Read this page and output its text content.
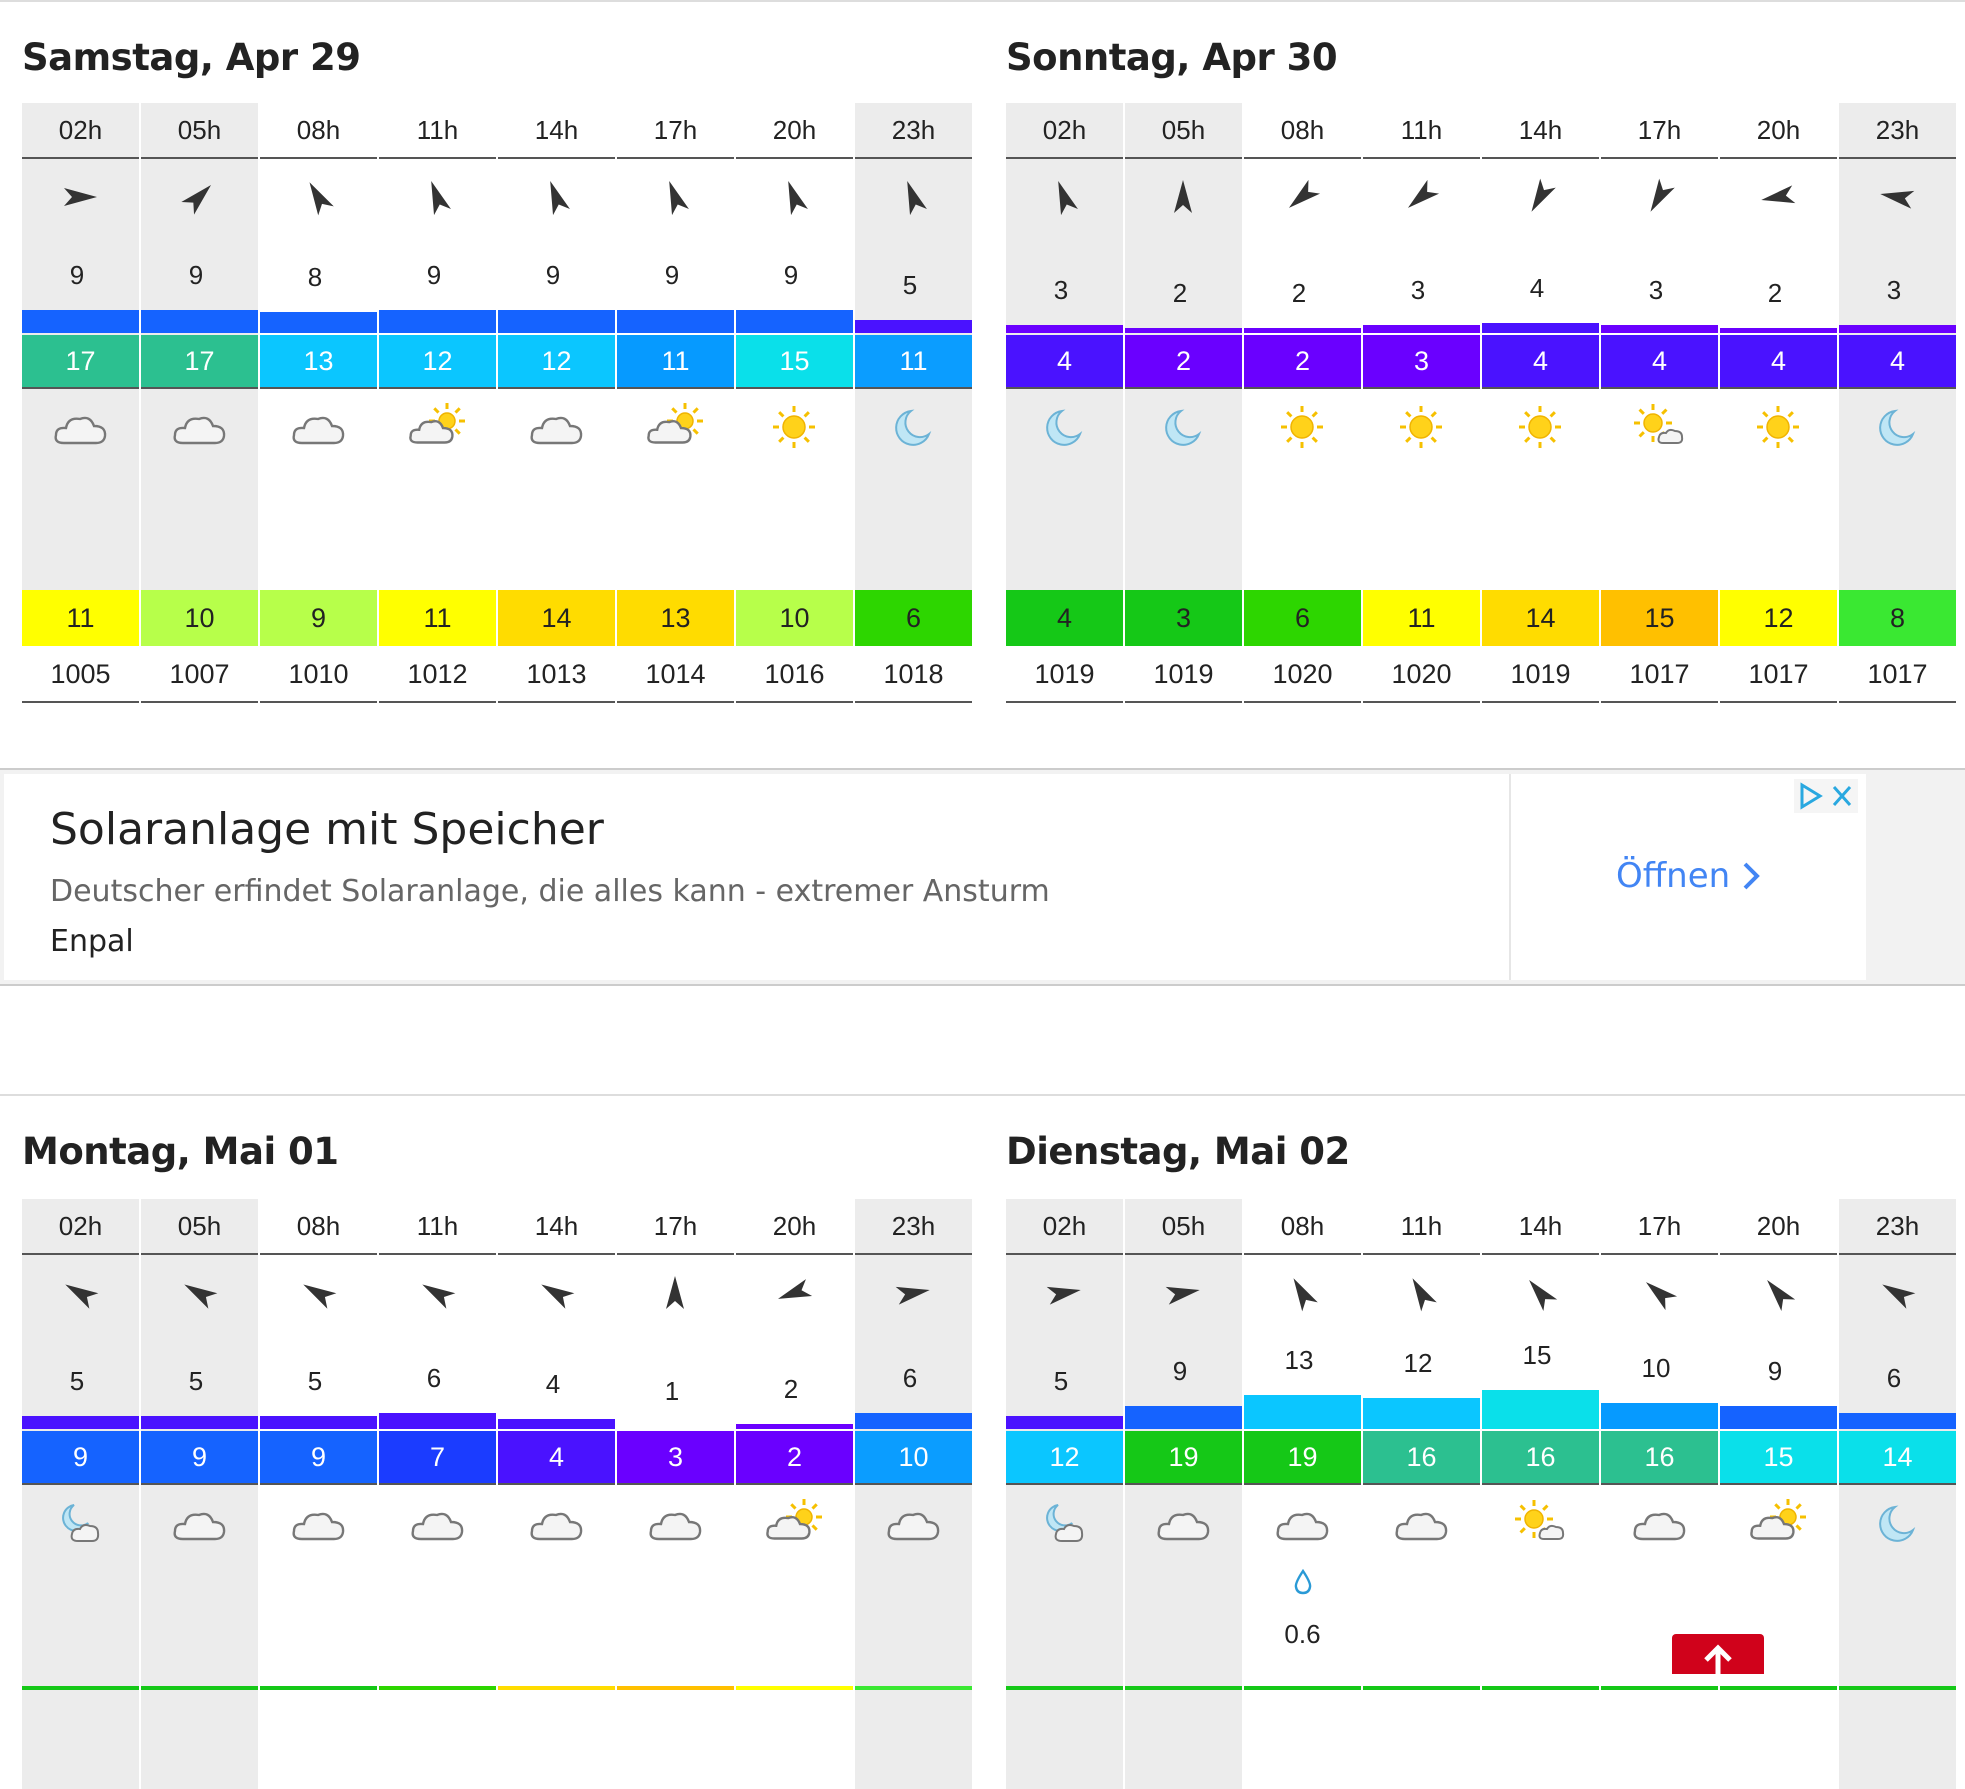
Samstag, Apr 29
02h
9
17
11
1005
05h
9
17
10
1007
08h
8
13
9
1010
11h
9
12
11
1012
14h
9
12
14
1013
17h
9
11
13
1014
20h
9
15
10
1016
23h
5
11
6
1018
Sonntag, Apr 30
02h
3
4
4
1019
05h
2
2
3
1019
08h
2
2
6
1020
11h
3
3
11
1020
14h
4
4
14
1019
17h
3
4
15
1017
20h
2
4
12
1017
23h
3
4
8
1017
Montag, Mai 01
02h
5
9
05h
5
9
08h
5
9
11h
6
7
14h
4
4
17h
1
3
20h
2
2
23h
6
10
Dienstag, Mai 02
02h
5
12
05h
9
19
08h
13
19
0.6
11h
12
16
14h
15
16
17h
10
16
20h
9
15
23h
6
14
Solaranlage mit Speicher
Deutscher erfindet Solaranlage, die alles kann - extremer Ansturm
Enpal
Öffnen
